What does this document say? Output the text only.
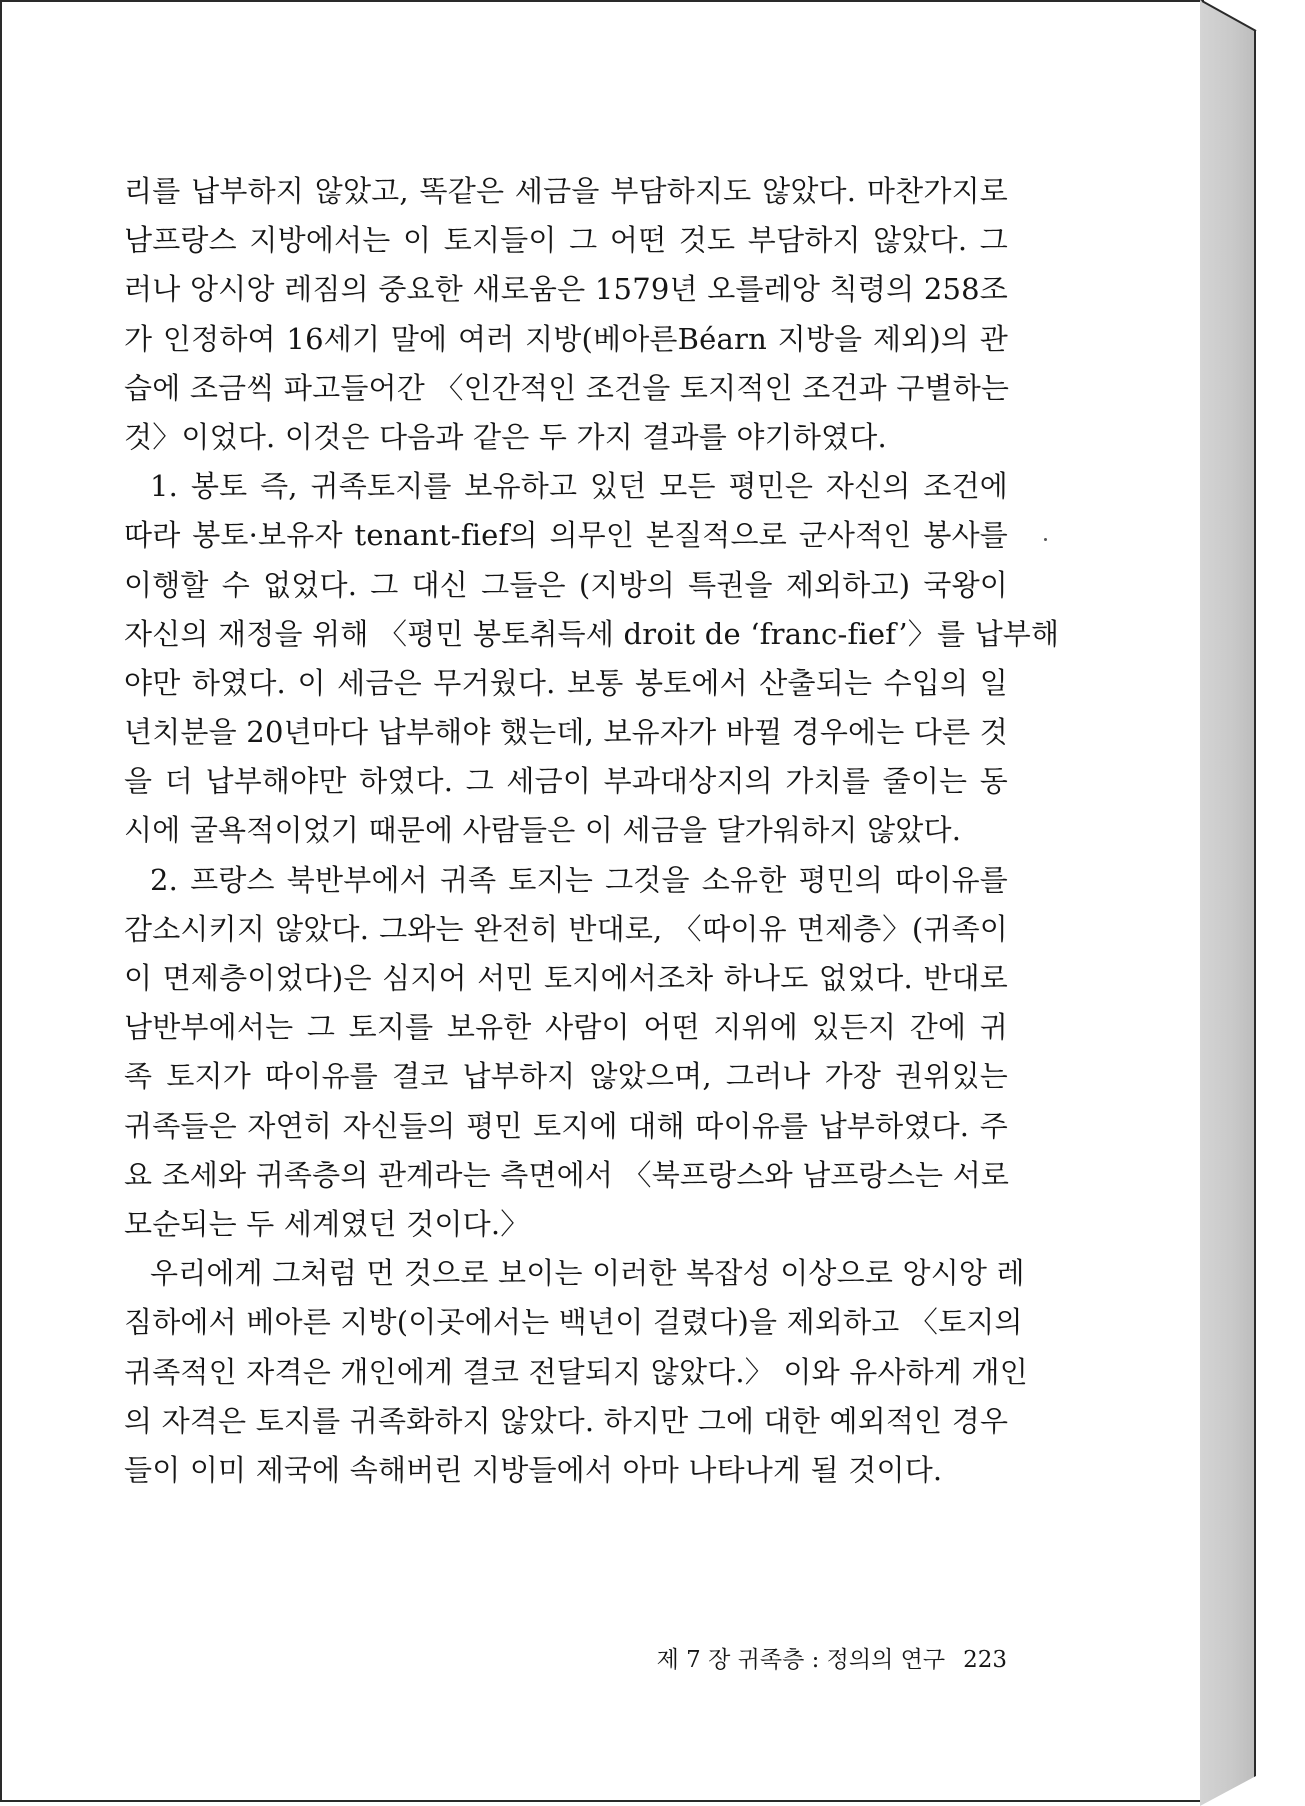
리를 납부하지 않았고, 똑같은 세금을 부담하지도 않았다. 마찬가지로
남프랑스 지방에서는 이 토지들이 그 어떤 것도 부담하지 않았다. 그
러나 앙시앙 레짐의 중요한 새로움은 1579년 오를레앙 칙령의 258조
가 인정하여 16세기 말에 여러 지방(베아른Béarn 지방을 제외)의 관
습에 조금씩 파고들어간 〈인간적인 조건을 토지적인 조건과 구별하는
것〉이었다. 이것은 다음과 같은 두 가지 결과를 야기하였다.
1. 봉토 즉, 귀족토지를 보유하고 있던 모든 평민은 자신의 조건에
따라 봉토·보유자 tenant-fief의 의무인 본질적으로 군사적인 봉사를
이행할 수 없었다. 그 대신 그들은 (지방의 특권을 제외하고) 국왕이
자신의 재정을 위해 〈평민 봉토취득세 droit de ‘franc-fief’〉를 납부해
야만 하였다. 이 세금은 무거웠다. 보통 봉토에서 산출되는 수입의 일
년치분을 20년마다 납부해야 했는데, 보유자가 바뀔 경우에는 다른 것
을 더 납부해야만 하였다. 그 세금이 부과대상지의 가치를 줄이는 동
시에 굴욕적이었기 때문에 사람들은 이 세금을 달가워하지 않았다.
2. 프랑스 북반부에서 귀족 토지는 그것을 소유한 평민의 따이유를
감소시키지 않았다. 그와는 완전히 반대로, 〈따이유 면제층〉(귀족이
이 면제층이었다)은 심지어 서민 토지에서조차 하나도 없었다. 반대로
남반부에서는 그 토지를 보유한 사람이 어떤 지위에 있든지 간에 귀
족 토지가 따이유를 결코 납부하지 않았으며, 그러나 가장 권위있는
귀족들은 자연히 자신들의 평민 토지에 대해 따이유를 납부하였다. 주
요 조세와 귀족층의 관계라는 측면에서 〈북프랑스와 남프랑스는 서로
모순되는 두 세계였던 것이다.〉
우리에게 그처럼 먼 것으로 보이는 이러한 복잡성 이상으로 앙시앙 레
짐하에서 베아른 지방(이곳에서는 백년이 걸렸다)을 제외하고 〈토지의
귀족적인 자격은 개인에게 결코 전달되지 않았다.〉 이와 유사하게 개인
의 자격은 토지를 귀족화하지 않았다. 하지만 그에 대한 예외적인 경우
들이 이미 제국에 속해버린 지방들에서 아마 나타나게 될 것이다.
제 7 장 귀족층 : 정의의 연구 223
